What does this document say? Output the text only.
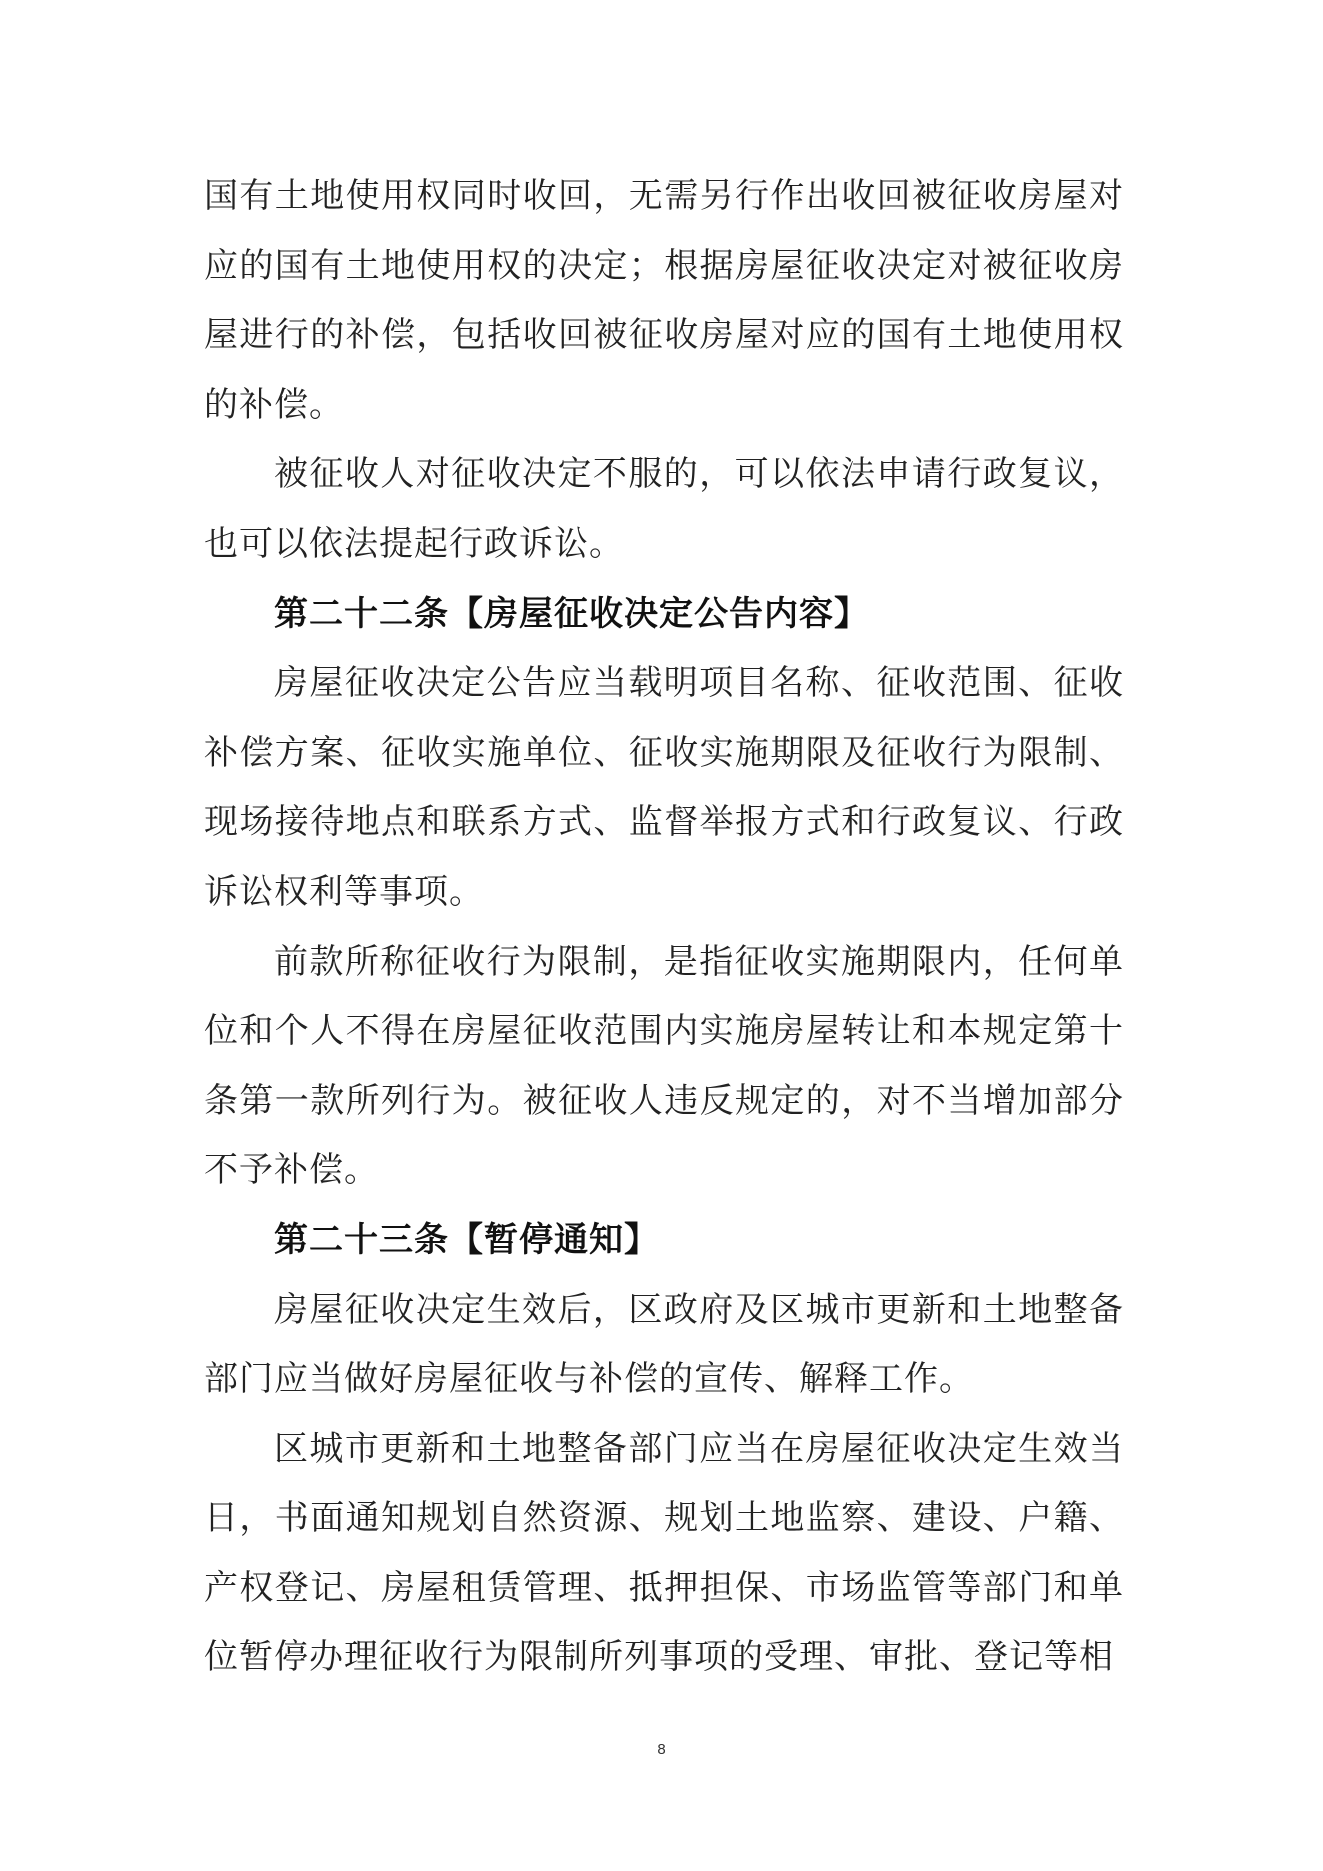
国有土地使用权同时收回，无需另行作出收回被征收房屋对应的国有土地使用权的决定；根据房屋征收决定对被征收房屋进行的补偿，包括收回被征收房屋对应的国有土地使用权的补偿。

被征收人对征收决定不服的，可以依法申请行政复议，也可以依法提起行政诉讼。

第二十二条【房屋征收决定公告内容】

房屋征收决定公告应当载明项目名称、征收范围、征收补偿方案、征收实施单位、征收实施期限及征收行为限制、现场接待地点和联系方式、监督举报方式和行政复议、行政诉讼权利等事项。

前款所称征收行为限制，是指征收实施期限内，任何单位和个人不得在房屋征收范围内实施房屋转让和本规定第十条第一款所列行为。被征收人违反规定的，对不当增加部分不予补偿。

第二十三条【暂停通知】

房屋征收决定生效后，区政府及区城市更新和土地整备部门应当做好房屋征收与补偿的宣传、解释工作。

区城市更新和土地整备部门应当在房屋征收决定生效当日，书面通知规划自然资源、规划土地监察、建设、户籍、产权登记、房屋租赁管理、抵押担保、市场监管等部门和单位暂停办理征收行为限制所列事项的受理、审批、登记等相

8
